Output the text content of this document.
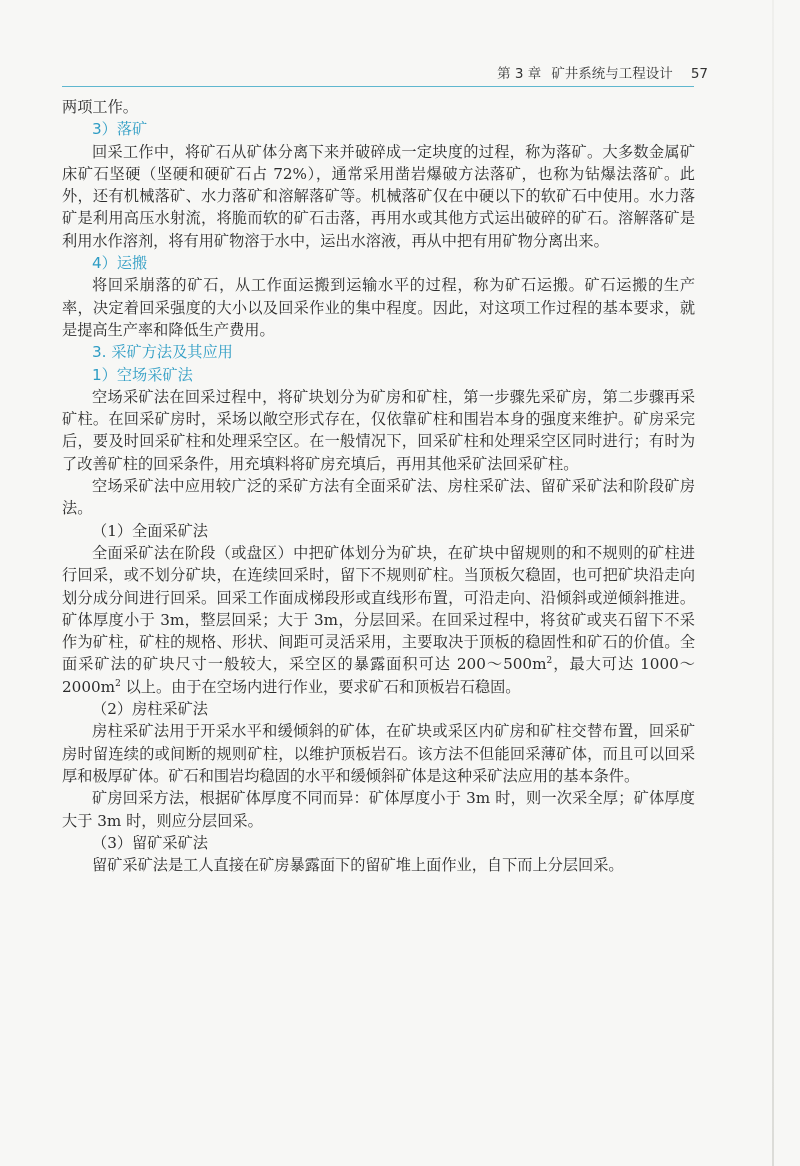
第 3 章 矿井系统与工程设计 57

两项工作。

3）落矿

回采工作中，将矿石从矿体分离下来并破碎成一定块度的过程，称为落矿。大多数金属矿床矿石坚硬（坚硬和硬矿石占 72%），通常采用凿岩爆破方法落矿，也称为钻爆法落矿。此外，还有机械落矿、水力落矿和溶解落矿等。机械落矿仅在中硬以下的软矿石中使用。水力落矿是利用高压水射流，将脆而软的矿石击落，再用水或其他方式运出破碎的矿石。溶解落矿是利用水作溶剂，将有用矿物溶于水中，运出水溶液，再从中把有用矿物分离出来。

4）运搬

将回采崩落的矿石，从工作面运搬到运输水平的过程，称为矿石运搬。矿石运搬的生产率，决定着回采强度的大小以及回采作业的集中程度。因此，对这项工作过程的基本要求，就是提高生产率和降低生产费用。

3. 采矿方法及其应用

1）空场采矿法

空场采矿法在回采过程中，将矿块划分为矿房和矿柱，第一步骤先采矿房，第二步骤再采矿柱。在回采矿房时，采场以敞空形式存在，仅依靠矿柱和围岩本身的强度来维护。矿房采完后，要及时回采矿柱和处理采空区。在一般情况下，回采矿柱和处理采空区同时进行；有时为了改善矿柱的回采条件，用充填料将矿房充填后，再用其他采矿法回采矿柱。

空场采矿法中应用较广泛的采矿方法有全面采矿法、房柱采矿法、留矿采矿法和阶段矿房法。

（1）全面采矿法

全面采矿法在阶段（或盘区）中把矿体划分为矿块，在矿块中留规则的和不规则的矿柱进行回采，或不划分矿块，在连续回采时，留下不规则矿柱。当顶板欠稳固，也可把矿块沿走向划分成分间进行回采。回采工作面成梯段形或直线形布置，可沿走向、沿倾斜或逆倾斜推进。矿体厚度小于 3m，整层回采；大于 3m，分层回采。在回采过程中，将贫矿或夹石留下不采作为矿柱，矿柱的规格、形状、间距可灵活采用，主要取决于顶板的稳固性和矿石的价值。全面采矿法的矿块尺寸一般较大，采空区的暴露面积可达 $200\sim 500m^2$，最大可达 $1000\sim 2000m^2$ 以上。由于在空场内进行作业，要求矿石和顶板岩石稳固。

（2）房柱采矿法

房柱采矿法用于开采水平和缓倾斜的矿体，在矿块或采区内矿房和矿柱交替布置，回采矿房时留连续的或间断的规则矿柱，以维护顶板岩石。该方法不但能回采薄矿体，而且可以回采厚和极厚矿体。矿石和围岩均稳固的水平和缓倾斜矿体是这种采矿法应用的基本条件。

矿房回采方法，根据矿体厚度不同而异：矿体厚度小于 3m 时，则一次采全厚；矿体厚度大于 3m 时，则应分层回采。

（3）留矿采矿法

留矿采矿法是工人直接在矿房暴露面下的留矿堆上面作业，自下而上分层回采。
